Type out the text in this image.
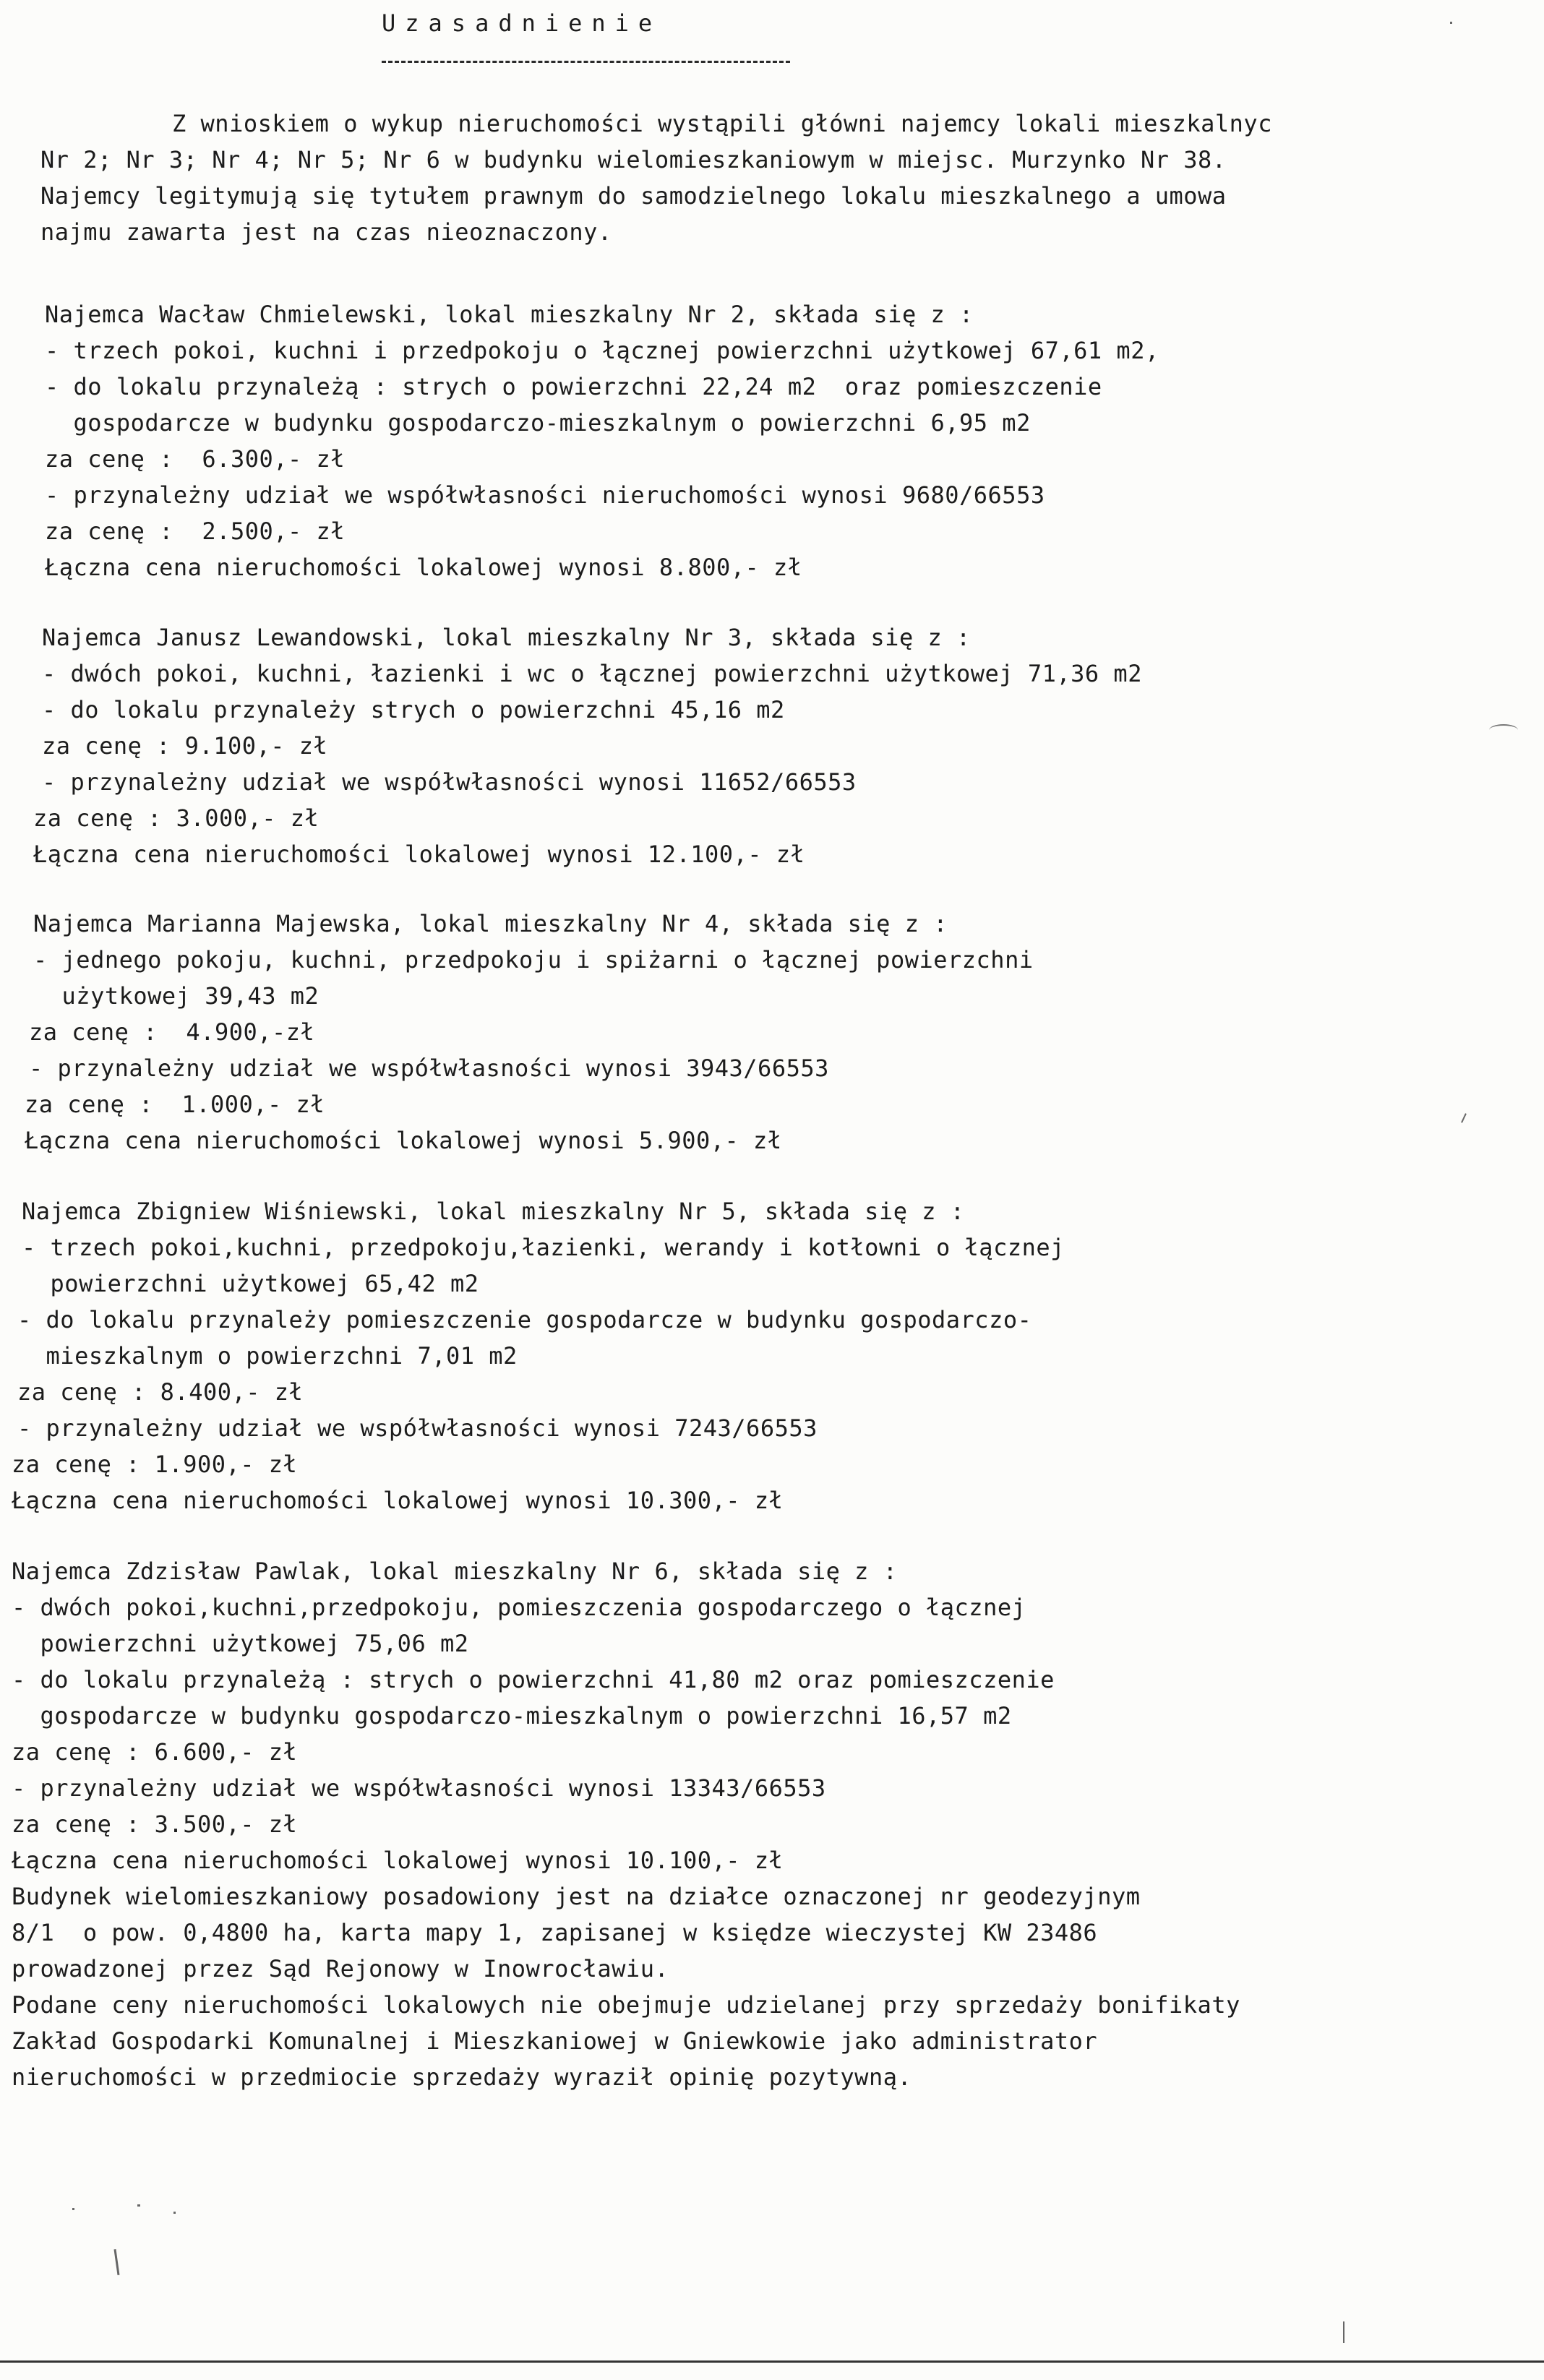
Uzasadnienie
Z wnioskiem o wykup nieruchomości wystąpili główni najemcy lokali mieszkalnyc
Nr 2; Nr 3; Nr 4; Nr 5; Nr 6 w budynku wielomieszkaniowym w miejsc. Murzynko Nr 38.
Najemcy legitymują się tytułem prawnym do samodzielnego lokalu mieszkalnego a umowa
najmu zawarta jest na czas nieoznaczony.
Najemca Wacław Chmielewski, lokal mieszkalny Nr 2, składa się z :
- trzech pokoi, kuchni i przedpokoju o łącznej powierzchni użytkowej 67,61 m2,
- do lokalu przynależą : strych o powierzchni 22,24 m2  oraz pomieszczenie
gospodarcze w budynku gospodarczo-mieszkalnym o powierzchni 6,95 m2
za cenę :  6.300,- zł
- przynależny udział we współwłasności nieruchomości wynosi 9680/66553
za cenę :  2.500,- zł
Łączna cena nieruchomości lokalowej wynosi 8.800,- zł
Najemca Janusz Lewandowski, lokal mieszkalny Nr 3, składa się z :
- dwóch pokoi, kuchni, łazienki i wc o łącznej powierzchni użytkowej 71,36 m2
- do lokalu przynależy strych o powierzchni 45,16 m2
za cenę : 9.100,- zł
- przynależny udział we współwłasności wynosi 11652/66553
za cenę : 3.000,- zł
Łączna cena nieruchomości lokalowej wynosi 12.100,- zł
Najemca Marianna Majewska, lokal mieszkalny Nr 4, składa się z :
- jednego pokoju, kuchni, przedpokoju i spiżarni o łącznej powierzchni
użytkowej 39,43 m2
za cenę :  4.900,-zł
- przynależny udział we współwłasności wynosi 3943/66553
za cenę :  1.000,- zł
Łączna cena nieruchomości lokalowej wynosi 5.900,- zł
Najemca Zbigniew Wiśniewski, lokal mieszkalny Nr 5, składa się z :
- trzech pokoi,kuchni, przedpokoju,łazienki, werandy i kotłowni o łącznej
powierzchni użytkowej 65,42 m2
- do lokalu przynależy pomieszczenie gospodarcze w budynku gospodarczo-
mieszkalnym o powierzchni 7,01 m2
za cenę : 8.400,- zł
- przynależny udział we współwłasności wynosi 7243/66553
za cenę : 1.900,- zł
Łączna cena nieruchomości lokalowej wynosi 10.300,- zł
Najemca Zdzisław Pawlak, lokal mieszkalny Nr 6, składa się z :
- dwóch pokoi,kuchni,przedpokoju, pomieszczenia gospodarczego o łącznej
powierzchni użytkowej 75,06 m2
- do lokalu przynależą : strych o powierzchni 41,80 m2 oraz pomieszczenie
gospodarcze w budynku gospodarczo-mieszkalnym o powierzchni 16,57 m2
za cenę : 6.600,- zł
- przynależny udział we współwłasności wynosi 13343/66553
za cenę : 3.500,- zł
Łączna cena nieruchomości lokalowej wynosi 10.100,- zł
Budynek wielomieszkaniowy posadowiony jest na działce oznaczonej nr geodezyjnym
8/1  o pow. 0,4800 ha, karta mapy 1, zapisanej w księdze wieczystej KW 23486
prowadzonej przez Sąd Rejonowy w Inowrocławiu.
Podane ceny nieruchomości lokalowych nie obejmuje udzielanej przy sprzedaży bonifikaty
Zakład Gospodarki Komunalnej i Mieszkaniowej w Gniewkowie jako administrator
nieruchomości w przedmiocie sprzedaży wyraził opinię pozytywną.
